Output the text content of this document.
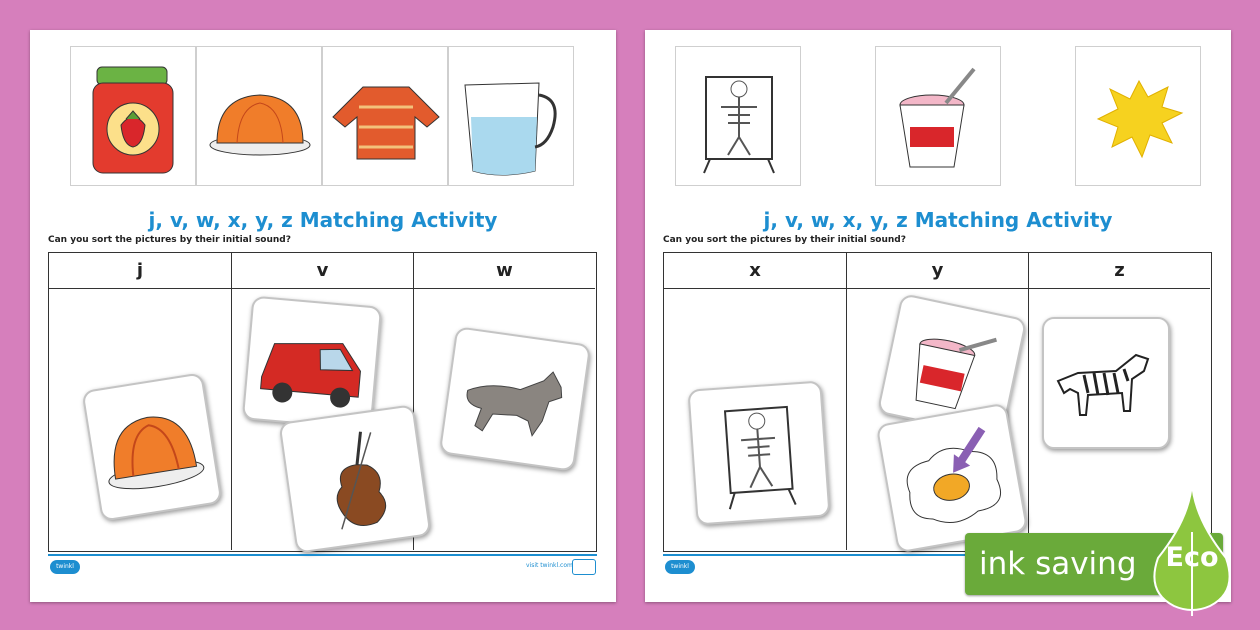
j, v, w, x, y, z Matching Activity
Can you sort the pictures by their initial sound?
j	v	w
twinkl	visit twinkl.com
j, v, w, x, y, z Matching Activity
Can you sort the pictures by their initial sound?
x	y	z
twinkl	ink saving	Eco
